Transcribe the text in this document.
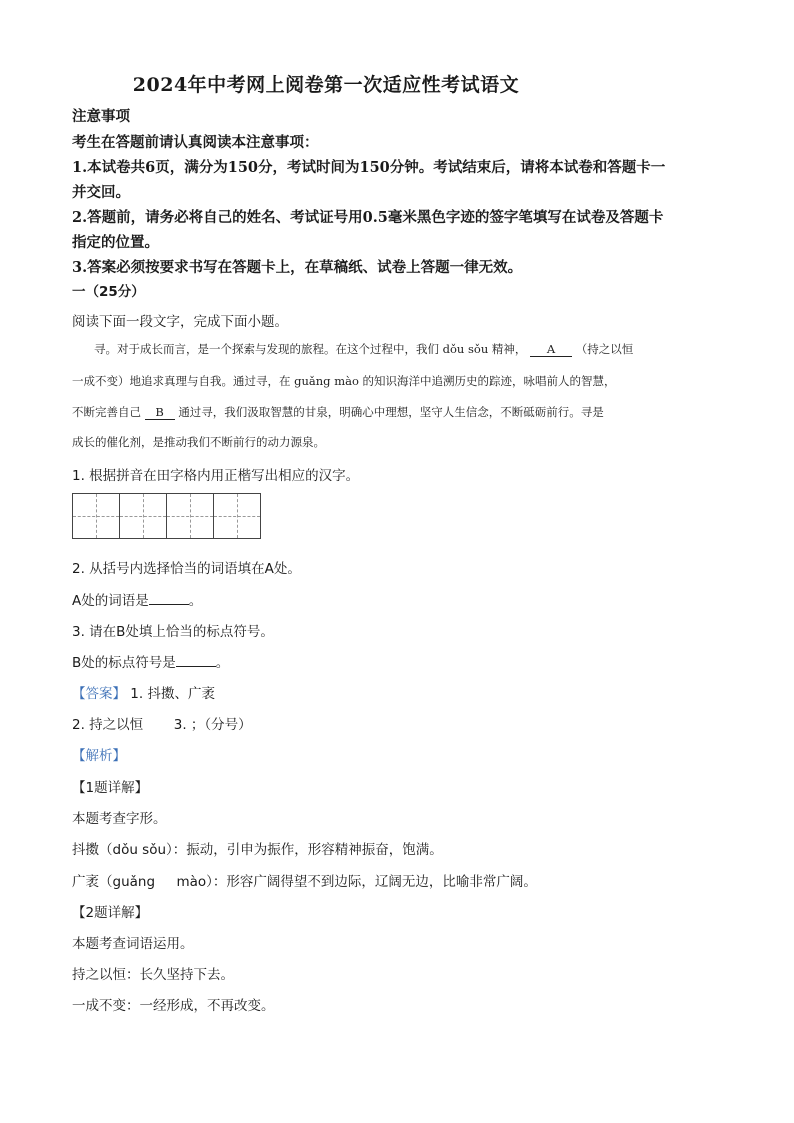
2024年中考网上阅卷第一次适应性考试语文
注意事项
考生在答题前请认真阅读本注意事项：
1.本试卷共6页，满分为150分，考试时间为150分钟。考试结束后，请将本试卷和答题卡一
并交回。
2.答题前，请务必将自己的姓名、考试证号用0.5毫米黑色字迹的签字笔填写在试卷及答题卡
指定的位置。
3.答案必须按要求书写在答题卡上，在草稿纸、试卷上答题一律无效。
一（25分）
阅读下面一段文字，完成下面小题。
寻。对于成长而言，是一个探索与发现的旅程。在这个过程中，我们 dǒu sǒu 精神， A （持之以恒
一成不变）地追求真理与自我。通过寻，在 guǎng mào 的知识海洋中追溯历史的踪迹，咏唱前人的智慧，
不断完善自己 B 通过寻，我们汲取智慧的甘泉，明确心中理想，坚守人生信念，不断砥砺前行。寻是
成长的催化剂，是推动我们不断前行的动力源泉。
1. 根据拼音在田字格内用正楷写出相应的汉字。
2. 从括号内选择恰当的词语填在A处。
A处的词语是	。
3. 请在B处填上恰当的标点符号。
B处的标点符号是	。
【答案】 1. 抖擞、广袤
2. 持之以恒 3. ；（分号）
【解析】
【1题详解】
本题考查字形。
抖擞（dǒu sǒu）：振动，引申为振作，形容精神振奋，饱满。
广袤（guǎng     mào）：形容广阔得望不到边际，辽阔无边，比喻非常广阔。
【2题详解】
本题考查词语运用。
持之以恒：长久坚持下去。
一成不变：一经形成，不再改变。
